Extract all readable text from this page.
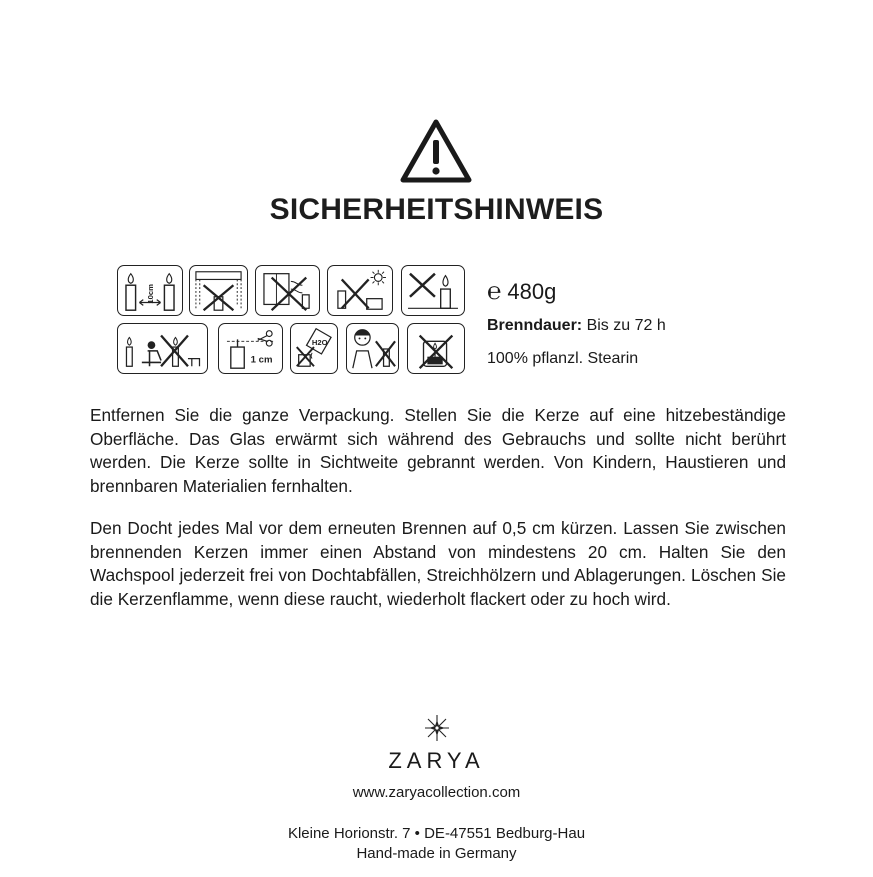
SICHERHEITSHINWEIS
10cm
1 cm
H2O
℮ 480g
Brenndauer: Bis zu 72 h
100% pflanzl. Stearin
Entfernen Sie die ganze Verpackung. Stellen Sie die Kerze auf eine hitzebeständige Oberfläche. Das Glas erwärmt sich während des Gebrauchs und sollte nicht berührt werden. Die Kerze sollte in Sichtweite gebrannt werden. Von Kindern, Haustieren und brennbaren Materialien fernhalten.
Den Docht jedes Mal vor dem erneuten Brennen auf 0,5 cm kürzen. Lassen Sie zwischen brennenden Kerzen immer einen Abstand von mindestens 20 cm. Halten Sie den Wachspool jederzeit frei von Dochtabfällen, Streichhölzern und Ablagerungen. Löschen Sie die Kerzenflamme, wenn diese raucht, wiederholt flackert oder zu hoch wird.
ZARYA
www.zaryacollection.com
Kleine Horionstr. 7 • DE-47551 Bedburg-Hau
Hand-made in Germany
